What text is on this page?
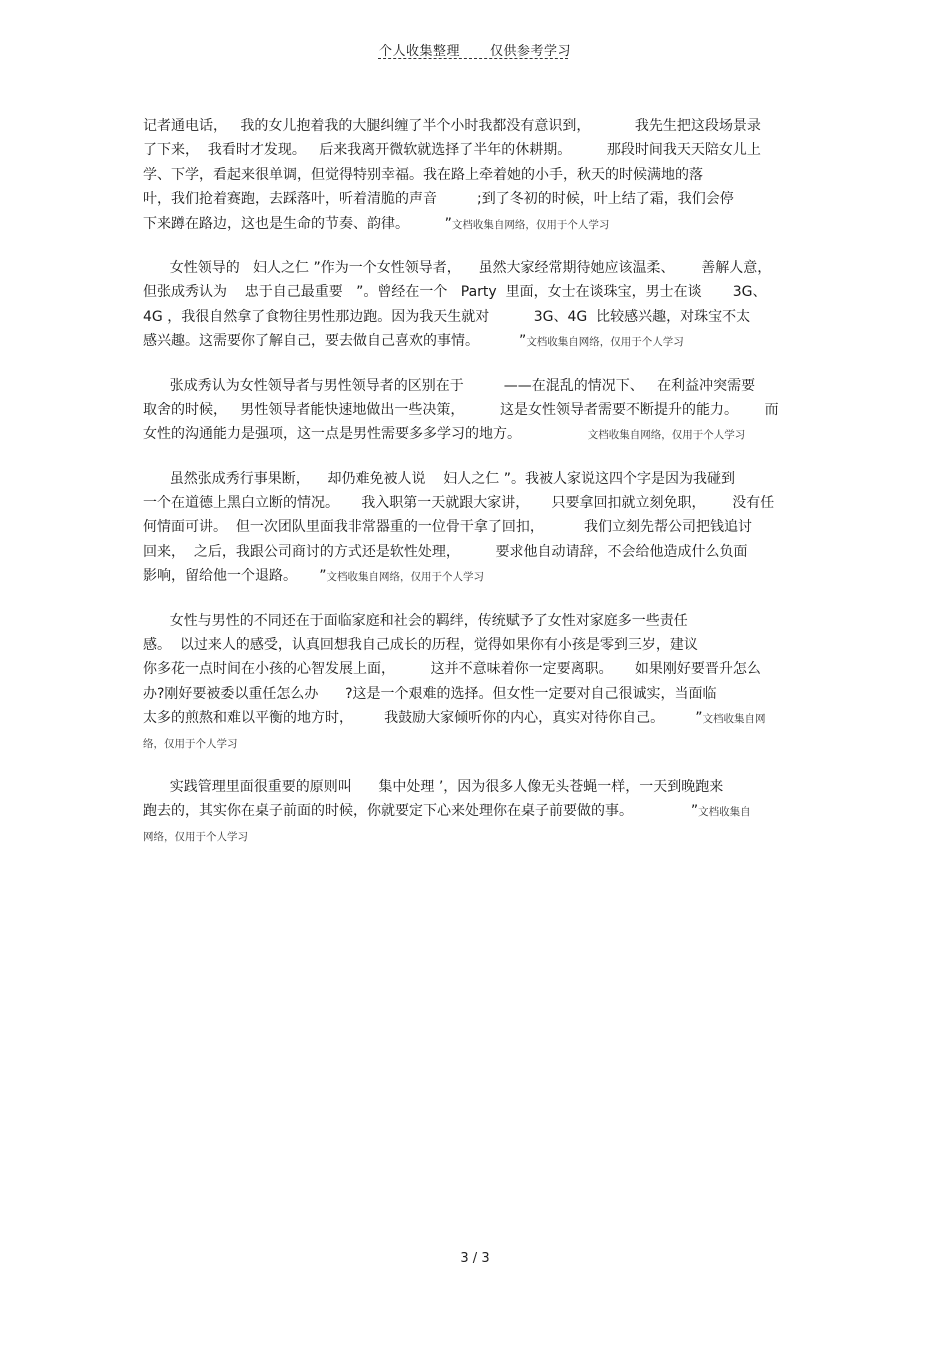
个人收集整理 仅供参考学习
记者通电话，   我的女儿抱着我的大腿纠缠了半个小时我都没有意识到，          我先生把这段场景录
了下来，  我看时才发现。   后来我离开微软就选择了半年的休耕期。        那段时间我天天陪女儿上
学、下学，看起来很单调，但觉得特别幸福。我在路上牵着她的小手，秋天的时候满地的落
叶，我们抢着赛跑，去踩落叶，听着清脆的声音         ;到了冬初的时候，叶上结了霜，我们会停
下来蹲在路边，这也是生命的节奏、韵律。        ”文档收集自网络，仅用于个人学习
女性领导的   妇人之仁 ”作为一个女性领导者，    虽然大家经常期待她应该温柔、      善解人意，
但张成秀认为    忠于自己最重要   ”。曾经在一个   Party  里面，女士在谈珠宝，男士在谈       3G、
4G ，我很自然拿了食物往男性那边跑。因为我天生就对          3G、4G  比较感兴趣，对珠宝不太
感兴趣。这需要你了解自己，要去做自己喜欢的事情。         ”文档收集自网络，仅用于个人学习
张成秀认为女性领导者与男性领导者的区别在于         ——在混乱的情况下、   在利益冲突需要
取舍的时候，   男性领导者能快速地做出一些决策，        这是女性领导者需要不断提升的能力。      而
女性的沟通能力是强项，这一点是男性需要多多学习的地方。               文档收集自网络，仅用于个人学习
虽然张成秀行事果断，    却仍难免被人说    妇人之仁 ”。我被人家说这四个字是因为我碰到
一个在道德上黑白立断的情况。     我入职第一天就跟大家讲，     只要拿回扣就立刻免职，      没有任
何情面可讲。  但一次团队里面我非常器重的一位骨干拿了回扣，         我们立刻先帮公司把钱追讨
回来，  之后，我跟公司商讨的方式还是软性处理，        要求他自动请辞，不会给他造成什么负面
影响，留给他一个退路。     ”文档收集自网络，仅用于个人学习
女性与男性的不同还在于面临家庭和社会的羁绊，传统赋予了女性对家庭多一些责任
感。  以过来人的感受，认真回想我自己成长的历程，觉得如果你有小孩是零到三岁，建议
你多花一点时间在小孩的心智发展上面，        这并不意味着你一定要离职。     如果刚好要晋升怎么
办?刚好要被委以重任怎么办      ?这是一个艰难的选择。但女性一定要对自己很诚实，当面临
太多的煎熬和难以平衡的地方时，       我鼓励大家倾听你的内心，真实对待你自己。       ”文档收集自网
络，仅用于个人学习
实践管理里面很重要的原则叫      集中处理 ’，因为很多人像无头苍蝇一样，一天到晚跑来
跑去的，其实你在桌子前面的时候，你就要定下心来处理你在桌子前要做的事。             ”文档收集自
网络，仅用于个人学习
3 / 3
